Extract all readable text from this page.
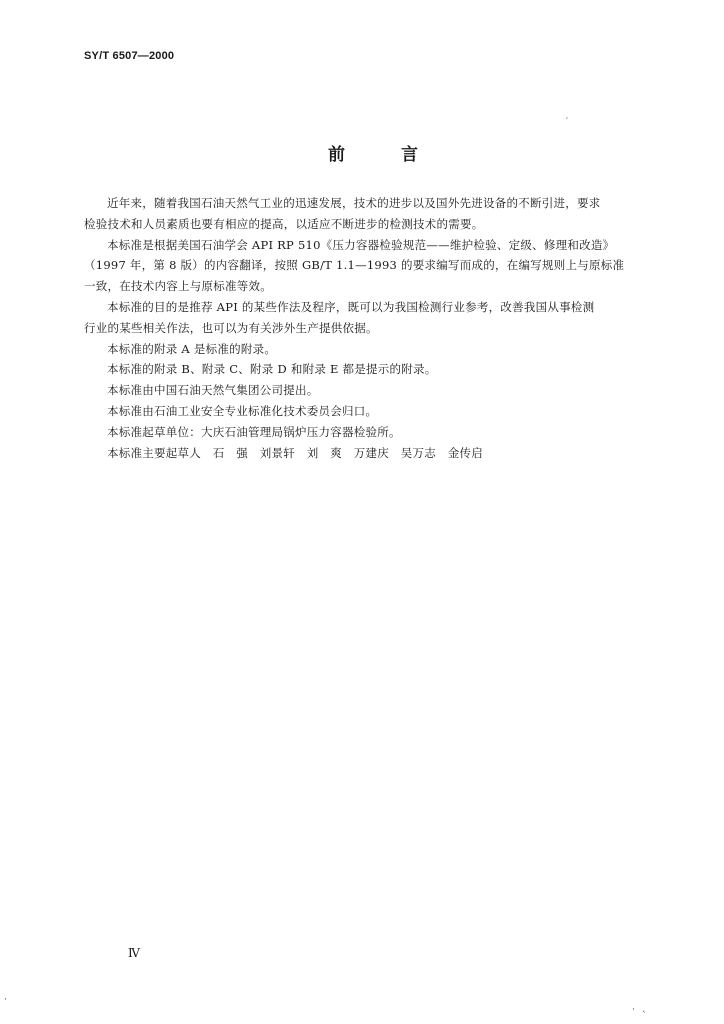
SY/T 6507—2000
′
·
·
ˋ
前	言

近年来，随着我国石油天然气工业的迅速发展，技术的进步以及国外先进设备的不断引进，要求
检验技术和人员素质也要有相应的提高，以适应不断进步的检测技术的需要。

本标准是根据美国石油学会 API RP 510《压力容器检验规范——维护检验、定级、修理和改造》
（1997 年，第 8 版）的内容翻译，按照 GB/T 1.1—1993 的要求编写而成的，在编写规则上与原标准
一致，在技术内容上与原标准等效。

本标准的目的是推荐 API 的某些作法及程序，既可以为我国检测行业参考，改善我国从事检测
行业的某些相关作法，也可以为有关涉外生产提供依据。

本标准的附录 A 是标准的附录。

本标准的附录 B、附录 C、附录 D 和附录 E 都是提示的附录。

本标准由中国石油天然气集团公司提出。

本标准由石油工业安全专业标准化技术委员会归口。

本标准起草单位：大庆石油管理局锅炉压力容器检验所。

本标准主要起草人　石　强　刘景轩　刘　爽　万建庆　吴万志　金传启

Ⅳ
